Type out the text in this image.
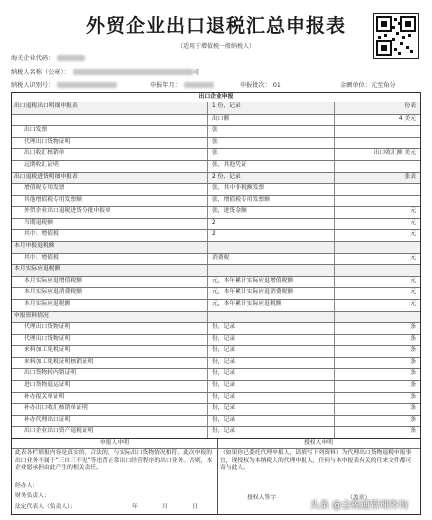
外贸企业出口退税汇总申报表
（适用于增值税一般纳税人）
海关企业代码：
纳税人名称（公章）：	司
纳税人识别号：	申报年月：	申报批次： 01	金额单位：元至角分
出口企业申报
出口退税出口明细申报表	1 份，记录	份表
出口额	4 美元
出口发票	张
代理出口货物证明	张
出口收汇核销单	张	出口收汇额 美元
远期收汇证明	张，其他凭证
出口退税进货明细申报表	2 份，记录	张表
增值税专用发票	张，其中非税额发票
其他增值税专用发票额	张，增值税专用发票额
外贸企业出口退税进货分批申报单	张，进货金额	元
当期退税额	2	元
其中：增值税	2	元
本月申报退税额
其中：增值税	消费税	元
本月实际应退税额
本月实际应退增值税额	元，本年累计实际应退增值税额	元
本月实际应退消费税额	元，本年累计实际应退消费税额	元
本月实际应退税额	元，本年累计实际应退税额	元
申报资料情况
代理出口货物证明	份，记录	条
代理出口货物证明	份，记录	条
来料加工免税证明	份，记录	条
来料加工免税证明核销证明	份，记录	条
出口货物转内销证明	份，记录	条
进口货物退运证明	份，记录	条
补办报关单证明	份，记录	条
补办出口收汇核销单证明	份，记录	条
补办代理出口证明	份，记录	条
出口企业出口资产退税证明	份，记录	条
申报人申明
此表各栏填报内容是真实的，合法的，与实际出口货物情况相符。此次申报的出口业务不属于“三自三不见”等违背正常出口经营程序的出口业务。否则，本企业愿承担由此产生的相关责任。
经办人：
财务负责人：
法定代表人（负责人）：	年	月	日
授权人申明
（如果你已委托代理申报人，请填写下列资料）为代理出口货物退税申报事宜，现授权为本纳税人的代理申报人，任何与本申报表有关的往来文件都可寄与此人。
授权人签字	（盖章）
头条 @会税通管理咨询
